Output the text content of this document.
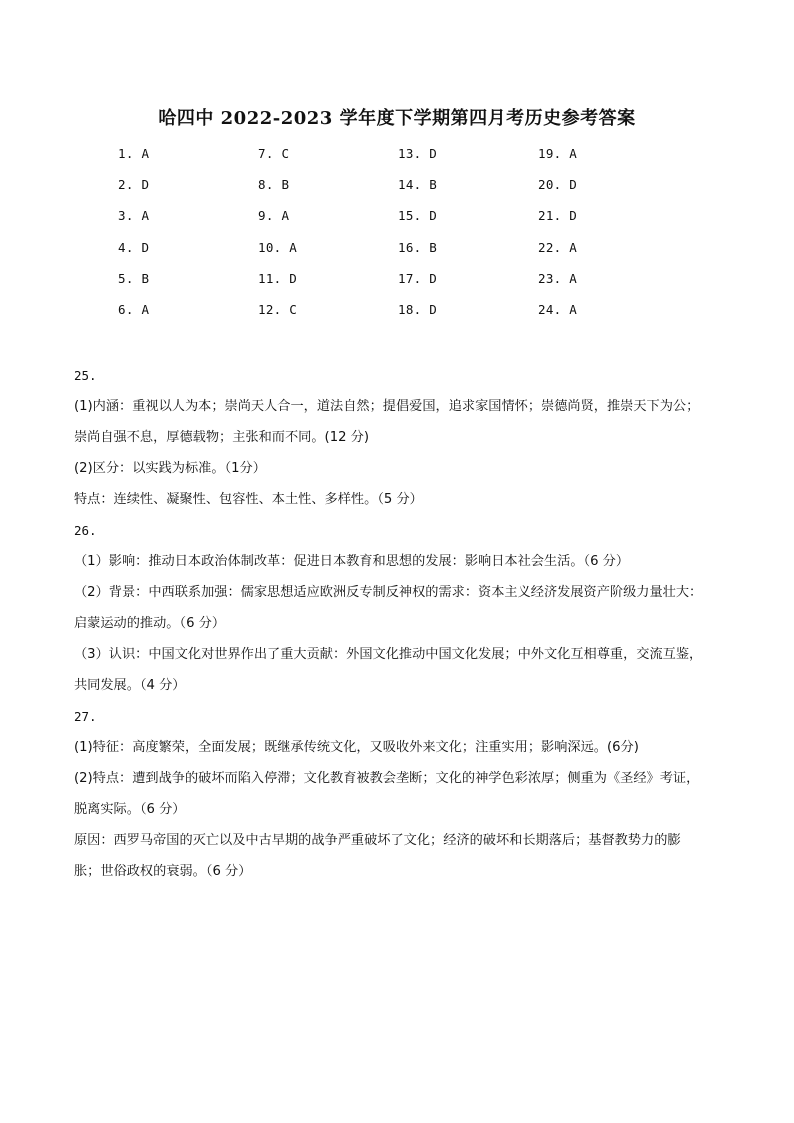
哈四中 2022-2023 学年度下学期第四月考历史参考答案
1. A	7. C	13. D	19. A
2. D	8. B	14. B	20. D
3. A	9. A	15. D	21. D
4. D	10. A	16. B	22. A
5. B	11. D	17. D	23. A
6. A	12. C	18. D	24. A
25.
(1)内涵：重视以人为本；崇尚天人合一，道法自然；提倡爱国，追求家国情怀；崇德尚贤，推崇天下为公；
崇尚自强不息，厚德载物；主张和而不同。(12 分)
(2)区分：以实践为标准。（1分）
特点：连续性、凝聚性、包容性、本土性、多样性。（5 分）
26.
（1）影响：推动日本政治体制改革：促进日本教育和思想的发展：影响日本社会生活。（6 分）
（2）背景：中西联系加强：儒家思想适应欧洲反专制反神权的需求：资本主义经济发展资产阶级力量壮大：
启蒙运动的推动。（6 分）
（3）认识：中国文化对世界作出了重大贡献：外国文化推动中国文化发展；中外文化互相尊重，交流互鉴，
共同发展。（4 分）
27.
(1)特征：高度繁荣，全面发展；既继承传统文化，又吸收外来文化；注重实用；影响深远。(6分)
(2)特点：遭到战争的破坏而陷入停滞；文化教育被教会垄断；文化的神学色彩浓厚；侧重为《圣经》考证，
脱离实际。（6 分）
原因：西罗马帝国的灭亡以及中古早期的战争严重破坏了文化；经济的破坏和长期落后；基督教势力的膨
胀；世俗政权的衰弱。（6 分）
